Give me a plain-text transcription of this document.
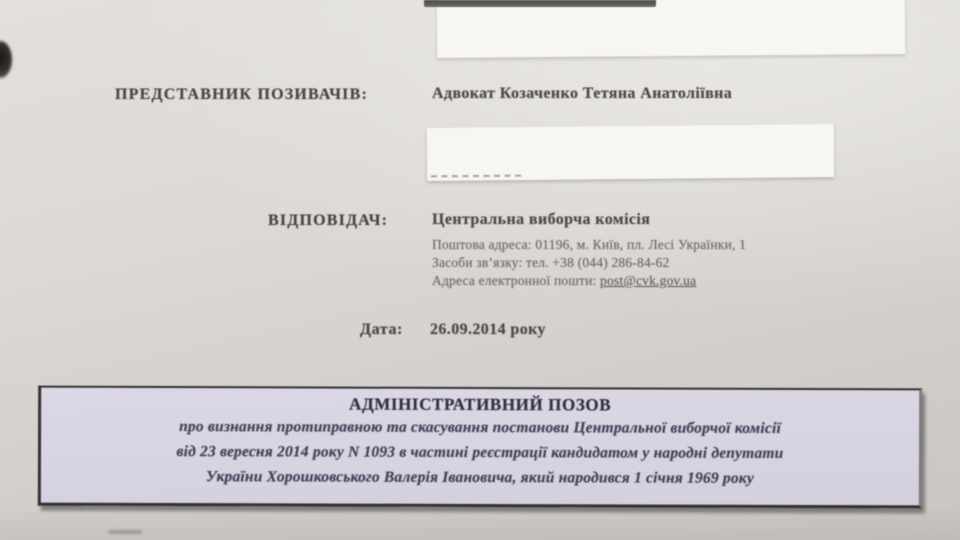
ПРЕДСТАВНИК ПОЗИВАЧІВ:	Адвокат Козаченко Тетяна Анатоліївна
ВІДПОВІДАЧ:	Центральна виборча комісія
Поштова адреса: 01196, м. Київ, пл. Лесі Українки, 1
Засоби зв’язку: тел. +38 (044) 286-84-62
Адреса електронної пошти: post@cvk.gov.ua
Дата: 26.09.2014 року
АДМІНІСТРАТИВНИЙ ПОЗОВ
про визнання протиправною та скасування постанови Центральної виборчої комісії
від 23 вересня 2014 року N 1093 в частині реєстрації кандидатом у народні депутати
України Хорошковського Валерія Івановича, який народився 1 січня 1969 року
